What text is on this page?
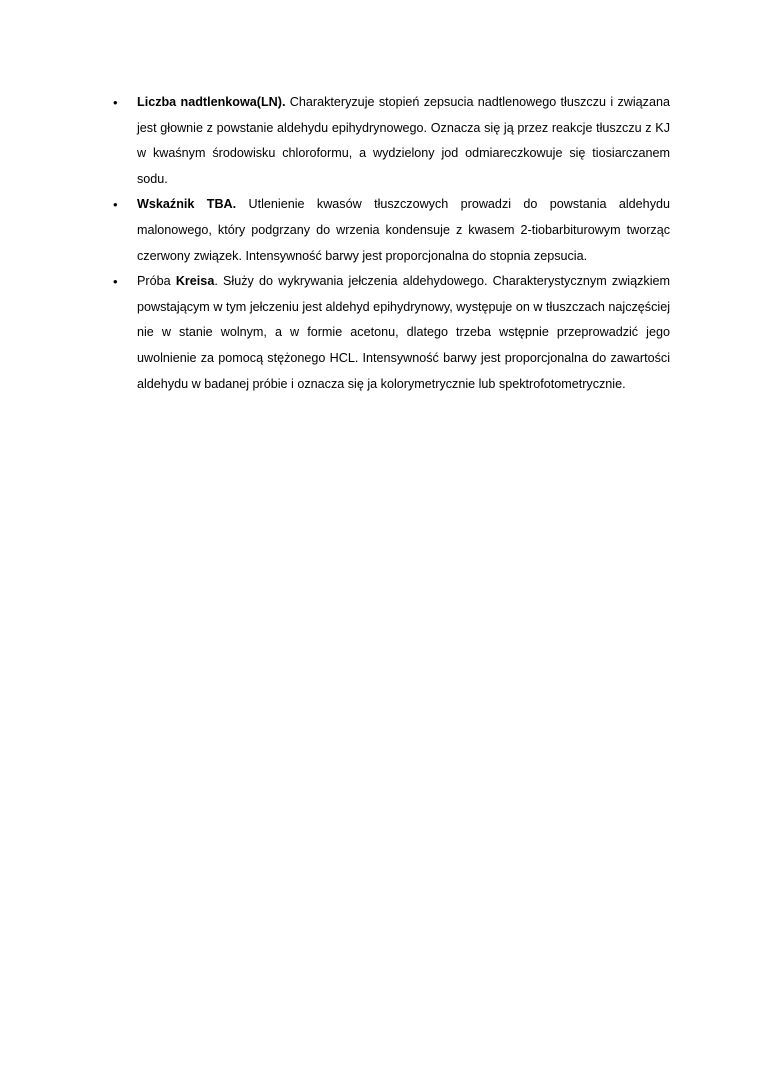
• Liczba nadtlenkowa(LN). Charakteryzuje stopień zepsucia nadtlenowego tłuszczu i związana jest głownie z powstanie aldehydu epihydrynowego. Oznacza się ją przez reakcje tłuszczu z KJ w kwaśnym środowisku chloroformu, a wydzielony jod odmiareczkowuje się tiosiarczanem sodu.
• Wskaźnik TBA. Utlenienie kwasów tłuszczowych prowadzi do powstania aldehydu malonowego, który podgrzany do wrzenia kondensuje z kwasem 2-tiobarbiturowym tworząc czerwony związek. Intensywność barwy jest proporcjonalna do stopnia zepsucia.
• Próba Kreisa. Służy do wykrywania jełczenia aldehydowego. Charakterystycznym związkiem powstającym w tym jełczeniu jest aldehyd epihydrynowy, występuje on w tłuszczach najczęściej nie w stanie wolnym, a w formie acetonu, dlatego trzeba wstępnie przeprowadzić jego uwolnienie za pomocą stężonego HCL. Intensywność barwy jest proporcjonalna do zawartości aldehydu w badanej próbie i oznacza się ja kolorymetrycznie lub spektrofotometrycznie.
